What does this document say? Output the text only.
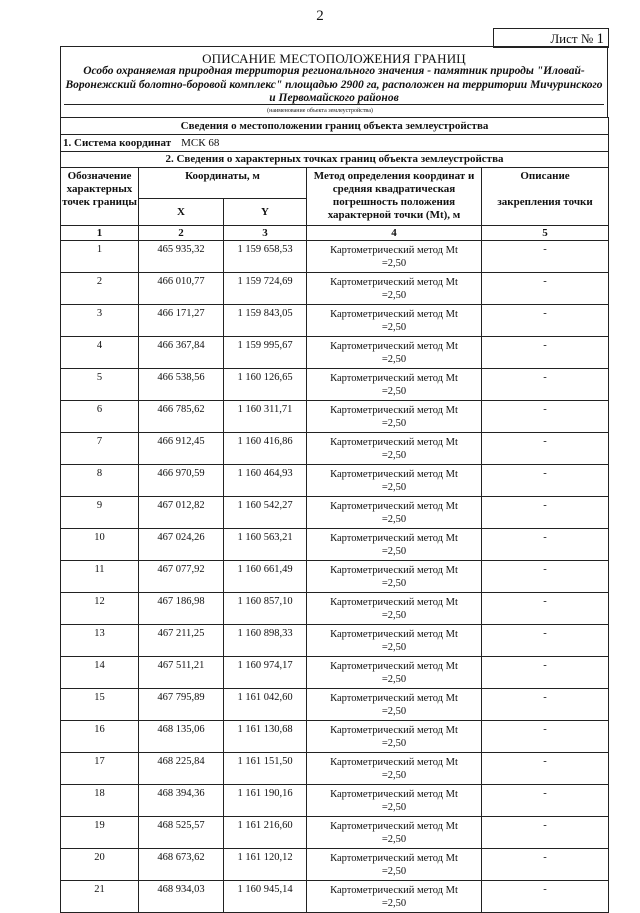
2
Лист № 1
ОПИСАНИЕ МЕСТОПОЛОЖЕНИЯ ГРАНИЦ
Особо охраняемая природная территория регионального значения - памятник природы "Иловай-Воронежский болотно-боровой комплекс" площадью 2900 га, расположен на территории Мичуринского и Первомайского районов
(наименование объекта землеустройства)
Сведения о местоположении границ объекта землеустройства				
1. Система координат МСК 68				
2. Сведения о характерных точках границ объекта землеустройства				
Обозначение характерных точек границы	Координаты, м		Метод определения координат и средняя квадратическая погрешность положения характерной точки (Mt), м	Описание
закрепления точки

	X	Y		
1	2	3	4	5
1	465 935,32	1 159 658,53	Картометрический метод Mt
=2,50	-
2	466 010,77	1 159 724,69	Картометрический метод Mt
=2,50	-
3	466 171,27	1 159 843,05	Картометрический метод Mt
=2,50	-
4	466 367,84	1 159 995,67	Картометрический метод Mt
=2,50	-
5	466 538,56	1 160 126,65	Картометрический метод Mt
=2,50	-
6	466 785,62	1 160 311,71	Картометрический метод Mt
=2,50	-
7	466 912,45	1 160 416,86	Картометрический метод Mt
=2,50	-
8	466 970,59	1 160 464,93	Картометрический метод Mt
=2,50	-
9	467 012,82	1 160 542,27	Картометрический метод Mt
=2,50	-
10	467 024,26	1 160 563,21	Картометрический метод Mt
=2,50	-
11	467 077,92	1 160 661,49	Картометрический метод Mt
=2,50	-
12	467 186,98	1 160 857,10	Картометрический метод Mt
=2,50	-
13	467 211,25	1 160 898,33	Картометрический метод Mt
=2,50	-
14	467 511,21	1 160 974,17	Картометрический метод Mt
=2,50	-
15	467 795,89	1 161 042,60	Картометрический метод Mt
=2,50	-
16	468 135,06	1 161 130,68	Картометрический метод Mt
=2,50	-
17	468 225,84	1 161 151,50	Картометрический метод Mt
=2,50	-
18	468 394,36	1 161 190,16	Картометрический метод Mt
=2,50	-
19	468 525,57	1 161 216,60	Картометрический метод Mt
=2,50	-
20	468 673,62	1 161 120,12	Картометрический метод Mt
=2,50	-
21	468 934,03	1 160 945,14	Картометрический метод Mt
=2,50	-
